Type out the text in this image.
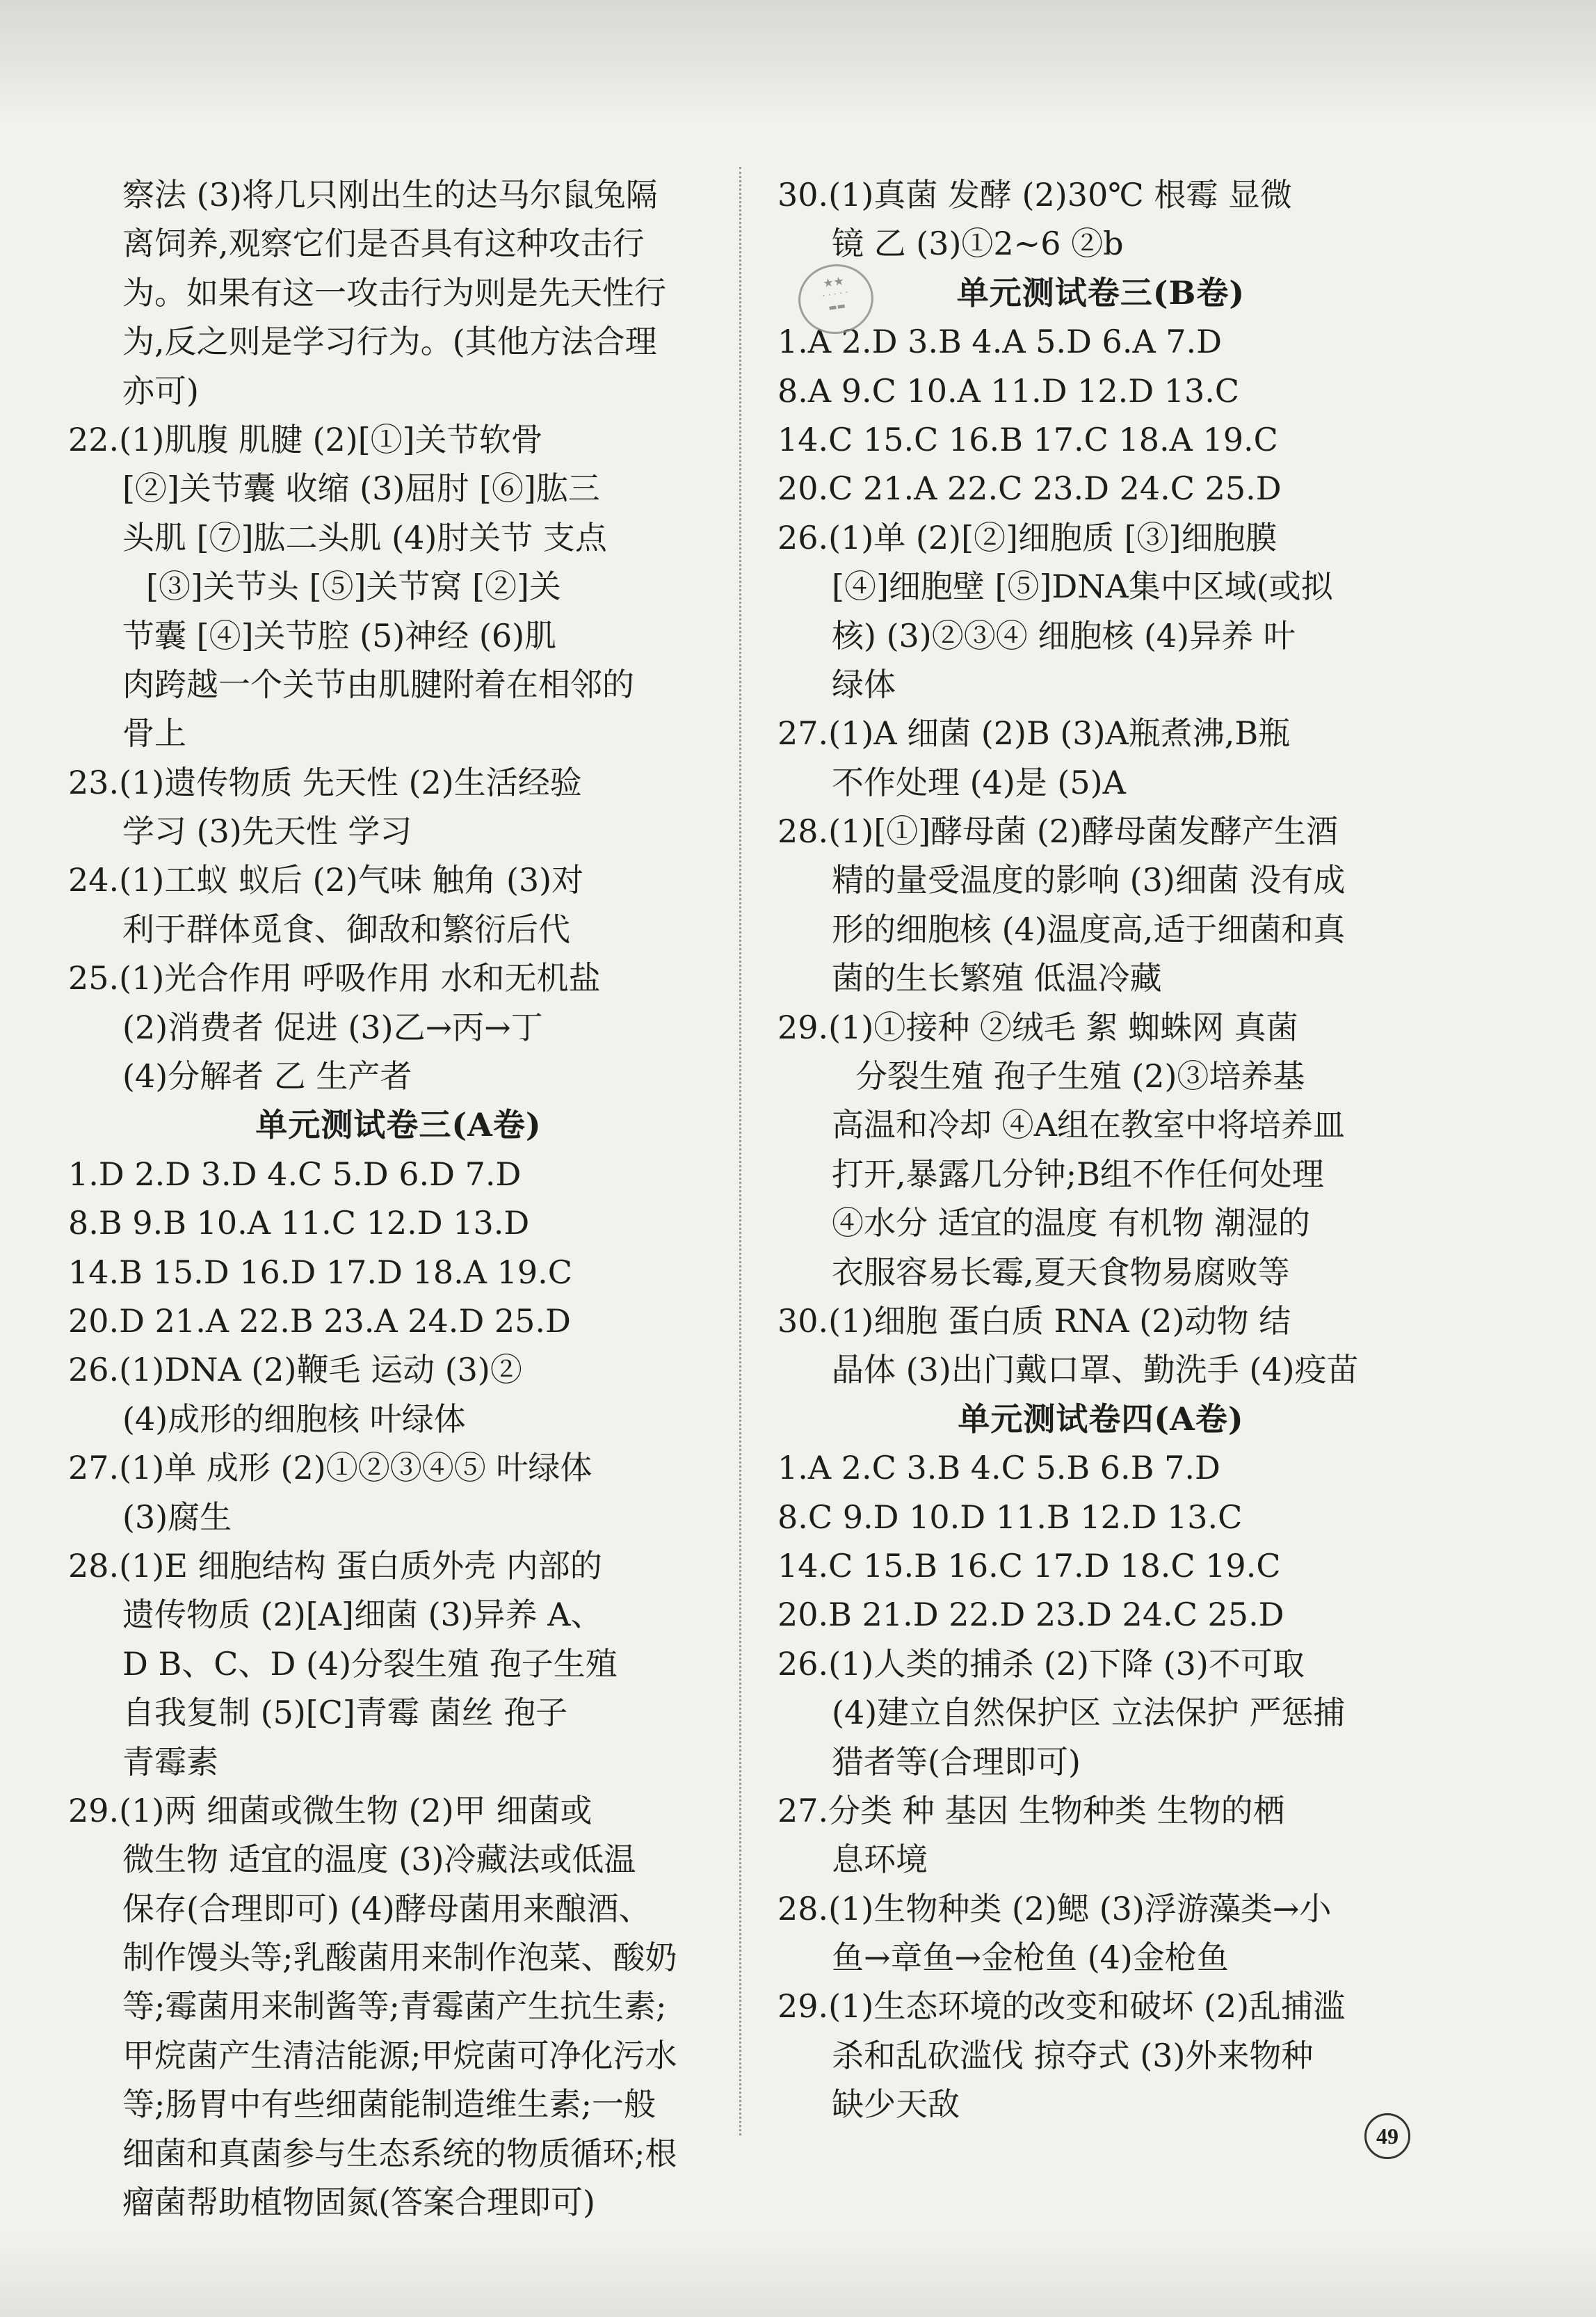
察法 (3)将几只刚出生的达马尔鼠兔隔
离饲养,观察它们是否具有这种攻击行
为。如果有这一攻击行为则是先天性行
为,反之则是学习行为。(其他方法合理
亦可)
22.(1)肌腹 肌腱 (2)[①]关节软骨
[②]关节囊 收缩 (3)屈肘 [⑥]肱三
头肌 [⑦]肱二头肌 (4)肘关节 支点
[③]关节头 [⑤]关节窝 [②]关
节囊 [④]关节腔 (5)神经 (6)肌
肉跨越一个关节由肌腱附着在相邻的
骨上
23.(1)遗传物质 先天性 (2)生活经验
学习 (3)先天性 学习
24.(1)工蚁 蚁后 (2)气味 触角 (3)对
利于群体觅食、御敌和繁衍后代
25.(1)光合作用 呼吸作用 水和无机盐
(2)消费者 促进 (3)乙→丙→丁
(4)分解者 乙 生产者
单元测试卷三(A卷)
1.D 2.D 3.D 4.C 5.D 6.D 7.D
8.B 9.B 10.A 11.C 12.D 13.D
14.B 15.D 16.D 17.D 18.A 19.C
20.D 21.A 22.B 23.A 24.D 25.D
26.(1)DNA (2)鞭毛 运动 (3)②
(4)成形的细胞核 叶绿体
27.(1)单 成形 (2)①②③④⑤ 叶绿体
(3)腐生
28.(1)E 细胞结构 蛋白质外壳 内部的
遗传物质 (2)[A]细菌 (3)异养 A、
D B、C、D (4)分裂生殖 孢子生殖
自我复制 (5)[C]青霉 菌丝 孢子
青霉素
29.(1)两 细菌或微生物 (2)甲 细菌或
微生物 适宜的温度 (3)冷藏法或低温
保存(合理即可) (4)酵母菌用来酿酒、
制作馒头等;乳酸菌用来制作泡菜、酸奶
等;霉菌用来制酱等;青霉菌产生抗生素;
甲烷菌产生清洁能源;甲烷菌可净化污水
等;肠胃中有些细菌能制造维生素;一般
细菌和真菌参与生态系统的物质循环;根
瘤菌帮助植物固氮(答案合理即可)
30.(1)真菌 发酵 (2)30℃ 根霉 显微
镜 乙 (3)①2~6 ②b
单元测试卷三(B卷)
1.A 2.D 3.B 4.A 5.D 6.A 7.D
8.A 9.C 10.A 11.D 12.D 13.C
14.C 15.C 16.B 17.C 18.A 19.C
20.C 21.A 22.C 23.D 24.C 25.D
26.(1)单 (2)[②]细胞质 [③]细胞膜
[④]细胞壁 [⑤]DNA集中区域(或拟
核) (3)②③④ 细胞核 (4)异养 叶
绿体
27.(1)A 细菌 (2)B (3)A瓶煮沸,B瓶
不作处理 (4)是 (5)A
28.(1)[①]酵母菌 (2)酵母菌发酵产生酒
精的量受温度的影响 (3)细菌 没有成
形的细胞核 (4)温度高,适于细菌和真
菌的生长繁殖 低温冷藏
29.(1)①接种 ②绒毛 絮 蜘蛛网 真菌
分裂生殖 孢子生殖 (2)③培养基
高温和冷却 ④A组在教室中将培养皿
打开,暴露几分钟;B组不作任何处理
④水分 适宜的温度 有机物 潮湿的
衣服容易长霉,夏天食物易腐败等
30.(1)细胞 蛋白质 RNA (2)动物 结
晶体 (3)出门戴口罩、勤洗手 (4)疫苗
单元测试卷四(A卷)
1.A 2.C 3.B 4.C 5.B 6.B 7.D
8.C 9.D 10.D 11.B 12.D 13.C
14.C 15.B 16.C 17.D 18.C 19.C
20.B 21.D 22.D 23.D 24.C 25.D
26.(1)人类的捕杀 (2)下降 (3)不可取
(4)建立自然保护区 立法保护 严惩捕
猎者等(合理即可)
27.分类 种 基因 生物种类 生物的栖
息环境
28.(1)生物种类 (2)鳃 (3)浮游藻类→小
鱼→章鱼→金枪鱼 (4)金枪鱼
29.(1)生态环境的改变和破坏 (2)乱捕滥
杀和乱砍滥伐 掠夺式 (3)外来物种
缺少天敌
★★
· · · · ·
▬▬
49
